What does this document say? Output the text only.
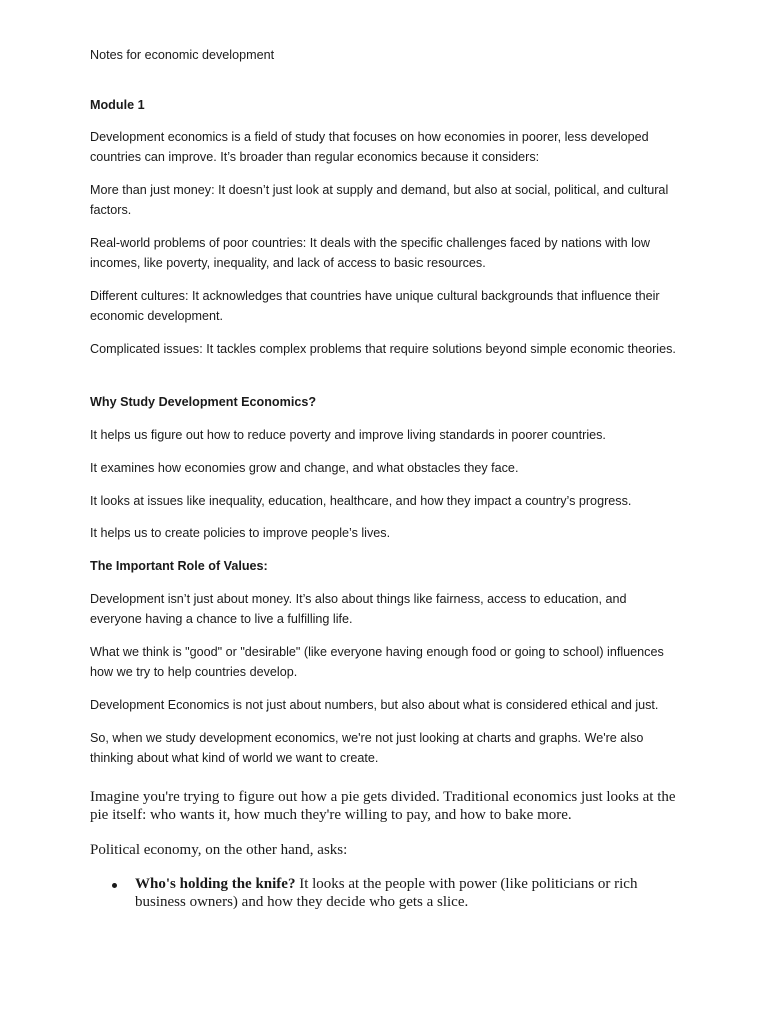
Notes for economic development

Module 1

Development economics is a field of study that focuses on how economies in poorer, less developed countries can improve. It’s broader than regular economics because it considers:

More than just money: It doesn’t just look at supply and demand, but also at social, political, and cultural factors.

Real-world problems of poor countries: It deals with the specific challenges faced by nations with low incomes, like poverty, inequality, and lack of access to basic resources.

Different cultures: It acknowledges that countries have unique cultural backgrounds that influence their economic development.

Complicated issues: It tackles complex problems that require solutions beyond simple economic theories.

Why Study Development Economics?

It helps us figure out how to reduce poverty and improve living standards in poorer countries.

It examines how economies grow and change, and what obstacles they face.

It looks at issues like inequality, education, healthcare, and how they impact a country’s progress.

It helps us to create policies to improve people’s lives.

The Important Role of Values:

Development isn’t just about money. It’s also about things like fairness, access to education, and everyone having a chance to live a fulfilling life.

What we think is "good" or "desirable" (like everyone having enough food or going to school) influences how we try to help countries develop.

Development Economics is not just about numbers, but also about what is considered ethical and just.

So, when we study development economics, we're not just looking at charts and graphs. We're also thinking about what kind of world we want to create.

Imagine you're trying to figure out how a pie gets divided. Traditional economics just looks at the pie itself: who wants it, how much they're willing to pay, and how to bake more.

Political economy, on the other hand, asks:

Who's holding the knife? It looks at the people with power (like politicians or rich business owners) and how they decide who gets a slice.
